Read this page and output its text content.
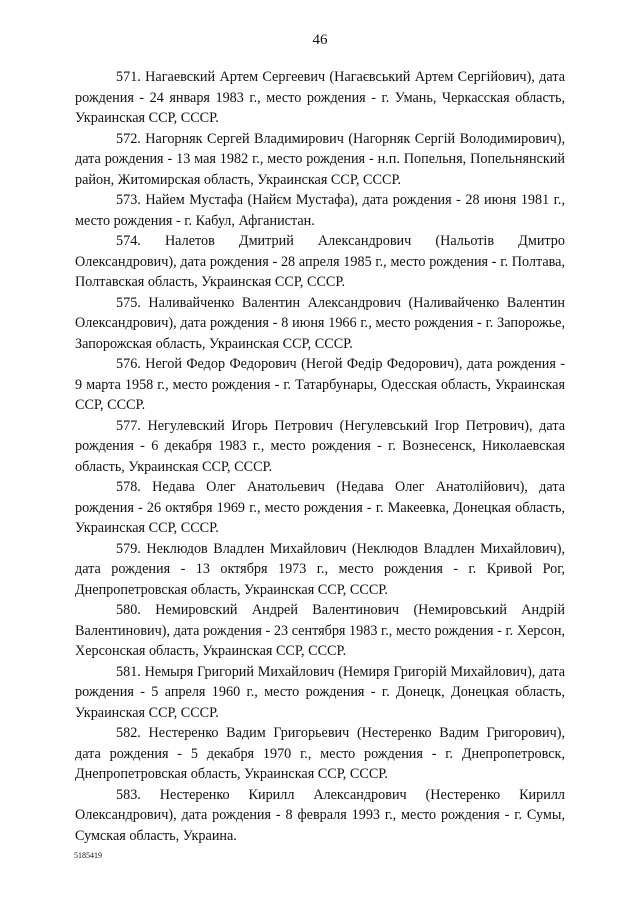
46

571. Нагаевский Артем Сергеевич (Нагаєвський Артем Сергійович), дата рождения - 24 января 1983 г., место рождения - г. Умань, Черкасская область, Украинская ССР, СССР.

572. Нагорняк Сергей Владимирович (Нагорняк Сергій Володимирович), дата рождения - 13 мая 1982 г., место рождения - н.п. Попельня, Попельнянский район, Житомирская область, Украинская ССР, СССР.

573. Найем Мустафа (Найєм Мустафа), дата рождения - 28 июня 1981 г., место рождения - г. Кабул, Афганистан.

574. Налетов Дмитрий Александрович (Нальотів Дмитро Олександрович), дата рождения - 28 апреля 1985 г., место рождения - г. Полтава, Полтавская область, Украинская ССР, СССР.

575. Наливайченко Валентин Александрович (Наливайченко Валентин Олександрович), дата рождения - 8 июня 1966 г., место рождения - г. Запорожье, Запорожская область, Украинская ССР, СССР.

576. Негой Федор Федорович (Негой Федір Федорович), дата рождения - 9 марта 1958 г., место рождения - г. Татарбунары, Одесская область, Украинская ССР, СССР.

577. Негулевский Игорь Петрович (Негулевський Ігор Петрович), дата рождения - 6 декабря 1983 г., место рождения - г. Вознесенск, Николаевская область, Украинская ССР, СССР.

578. Недава Олег Анатольевич (Недава Олег Анатолійович), дата рождения - 26 октября 1969 г., место рождения - г. Макеевка, Донецкая область, Украинская ССР, СССР.

579. Неклюдов Владлен Михайлович (Неклюдов Владлен Михайлович), дата рождения - 13 октября 1973 г., место рождения - г. Кривой Рог, Днепропетровская область, Украинская ССР, СССР.

580. Немировский Андрей Валентинович (Немировський Андрій Валентинович), дата рождения - 23 сентября 1983 г., место рождения - г. Херсон, Херсонская область, Украинская ССР, СССР.

581. Немыря Григорий Михайлович (Немиря Григорій Михайлович), дата рождения - 5 апреля 1960 г., место рождения - г. Донецк, Донецкая область, Украинская ССР, СССР.

582. Нестеренко Вадим Григорьевич (Нестеренко Вадим Григорович), дата рождения - 5 декабря 1970 г., место рождения - г. Днепропетровск, Днепропетровская область, Украинская ССР, СССР.

583. Нестеренко Кирилл Александрович (Нестеренко Кирилл Олександрович), дата рождения - 8 февраля 1993 г., место рождения - г. Сумы, Сумская область, Украина.

5185419
